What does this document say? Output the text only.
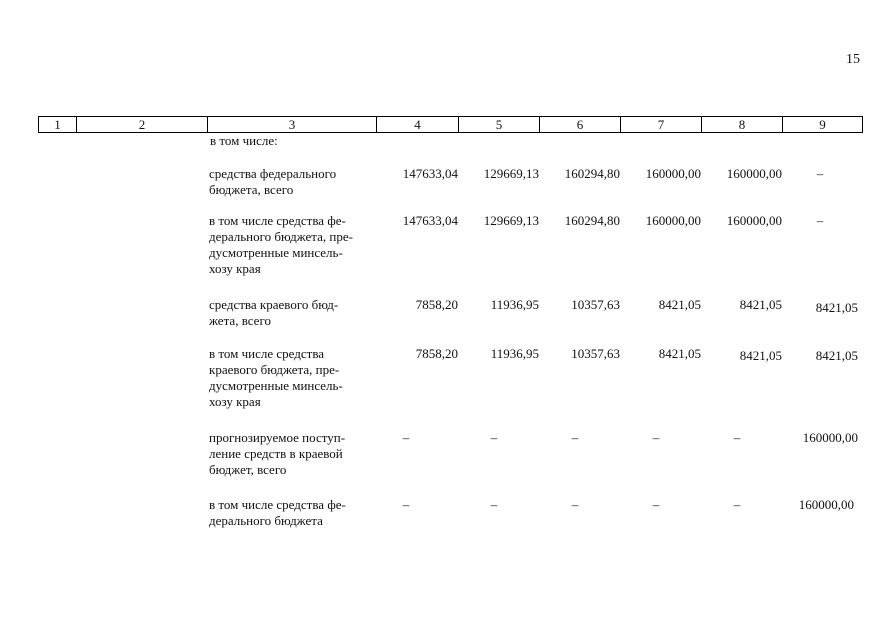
15
1	2	3	4	5	6	7	8	9
в том числе:
средства федерального
бюджета, всего
147633,04	129669,13	160294,80	160000,00	160000,00	–
в том числе средства фе-
дерального бюджета, пре-
дусмотренные минсель-
хозу края
147633,04	129669,13	160294,80	160000,00	160000,00	–
средства краевого бюд-
жета, всего
7858,20	11936,95	10357,63	8421,05	8421,05	8421,05
в том числе средства
краевого бюджета, пре-
дусмотренные минсель-
хозу края
7858,20	11936,95	10357,63	8421,05	8421,05	8421,05
прогнозируемое поступ-
ление средств в краевой
бюджет, всего
–	–	–	–	–	160000,00
в том числе средства фе-
дерального бюджета
–	–	–	–	–	160000,00
